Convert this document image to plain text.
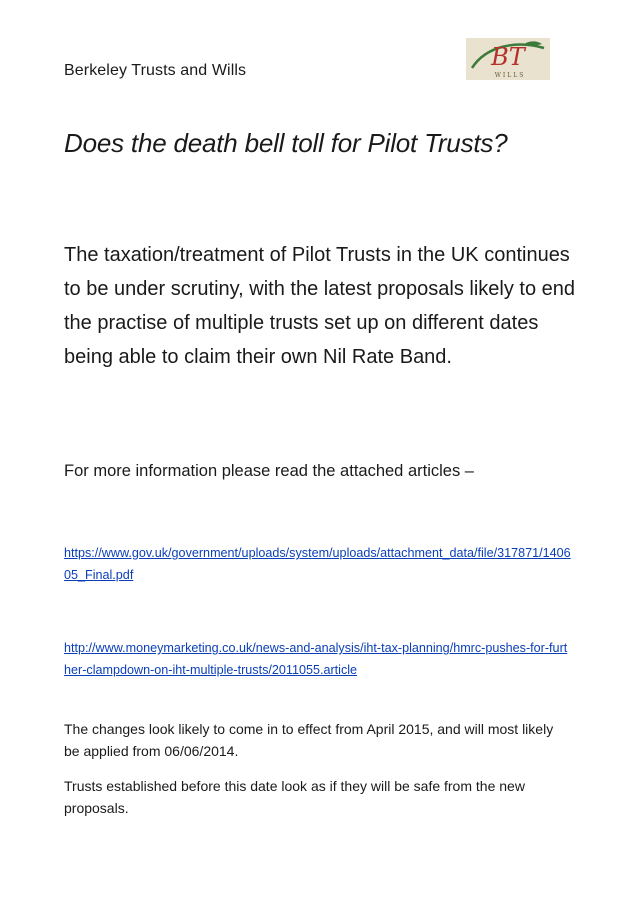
Berkeley Trusts and Wills	BT
WILLS
Does the death bell toll for Pilot Trusts?

The taxation/treatment of Pilot Trusts in the UK continues to be under scrutiny, with the latest proposals likely to end the practise of multiple trusts set up on different dates being able to claim their own Nil Rate Band.

For more information please read the attached articles –

https://www.gov.uk/government/uploads/system/uploads/attachment_data/file/317871/140605_Final.pdf
http://www.moneymarketing.co.uk/news-and-analysis/iht-tax-planning/hmrc-pushes-for-further-clampdown-on-iht-multiple-trusts/2011055.article

The changes look likely to come in to effect from April 2015, and will most likely be applied from 06/06/2014.

Trusts established before this date look as if they will be safe from the new proposals.
